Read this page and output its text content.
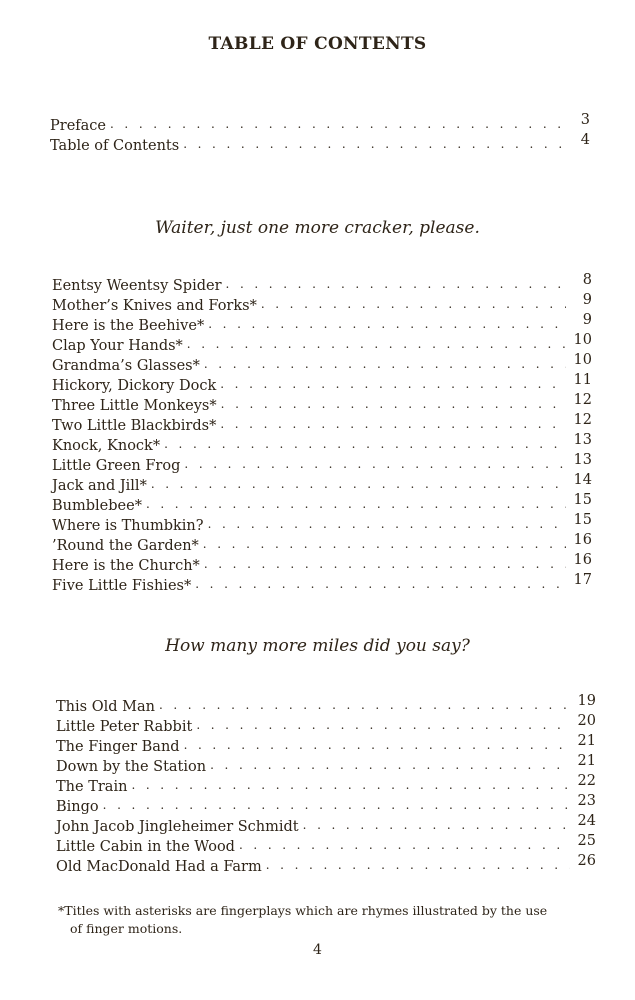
TABLE OF CONTENTS
Preface . . .	3
Table of Contents . . .	4
Waiter, just one more cracker, please.
Eentsy Weentsy Spider . . .	8
Mother’s Knives and Forks* . . .	9
Here is the Beehive* . . .	9
Clap Your Hands* . . .	10
Grandma’s Glasses* . . .	10
Hickory, Dickory Dock . . .	11
Three Little Monkeys* . . .	12
Two Little Blackbirds* . . .	12
Knock, Knock* . . .	13
Little Green Frog . . .	13
Jack and Jill* . . .	14
Bumblebee* . . .	15
Where is Thumbkin? . . .	15
’Round the Garden* . . .	16
Here is the Church* . . .	16
Five Little Fishies* . . .	17
How many more miles did you say?
This Old Man . . .	19
Little Peter Rabbit . . .	20
The Finger Band . . .	21
Down by the Station . . .	21
The Train . . .	22
Bingo . . .	23
John Jacob Jingleheimer Schmidt . . .	24
Little Cabin in the Wood . . .	25
Old MacDonald Had a Farm . . .	26
*Titles with asterisks are fingerplays which are rhymes illustrated by the use
of finger motions.
4
